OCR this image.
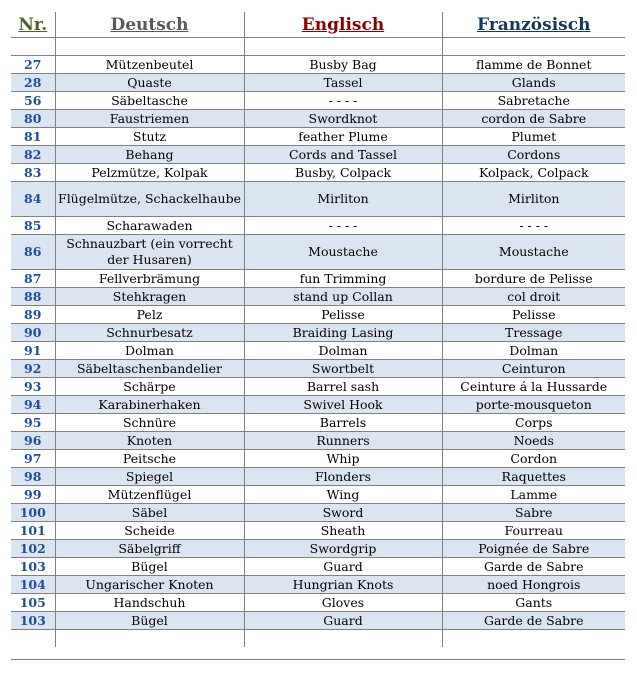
Nr.	Deutsch	Englisch	Französisch

27	Mützenbeutel	Busby Bag	flamme de Bonnet
28	Quaste	Tassel	Glands
56	Säbeltasche	- - - -	Sabretache
80	Faustriemen	Swordknot	cordon de Sabre
81	Stutz	feather Plume	Plumet
82	Behang	Cords and Tassel	Cordons
83	Pelzmütze, Kolpak	Busby, Colpack	Kolpack, Colpack
84	Flügelmütze, Schackelhaube	Mirliton	Mirliton
85	Scharawaden	- - - -	- - - -
86	Schnauzbart (ein vorrecht der Husaren)	Moustache	Moustache
87	Fellverbrämung	fun Trimming	bordure de Pelisse
88	Stehkragen	stand up Collan	col droit
89	Pelz	Pelisse	Pelisse
90	Schnurbesatz	Braiding Lasing	Tressage
91	Dolman	Dolman	Dolman
92	Säbeltaschenbandelier	Swortbelt	Ceinturon
93	Schärpe	Barrel sash	Ceinture á la Hussarde
94	Karabinerhaken	Swivel Hook	porte-mousqueton
95	Schnüre	Barrels	Corps
96	Knoten	Runners	Noeds
97	Peitsche	Whip	Cordon
98	Spiegel	Flonders	Raquettes
99	Mützenflügel	Wing	Lamme
100	Säbel	Sword	Sabre
101	Scheide	Sheath	Fourreau
102	Säbelgriff	Swordgrip	Poignée de Sabre
103	Bügel	Guard	Garde de Sabre
104	Ungarischer Knoten	Hungrian Knots	noed Hongrois
105	Handschuh	Gloves	Gants
103	Bügel	Guard	Garde de Sabre
